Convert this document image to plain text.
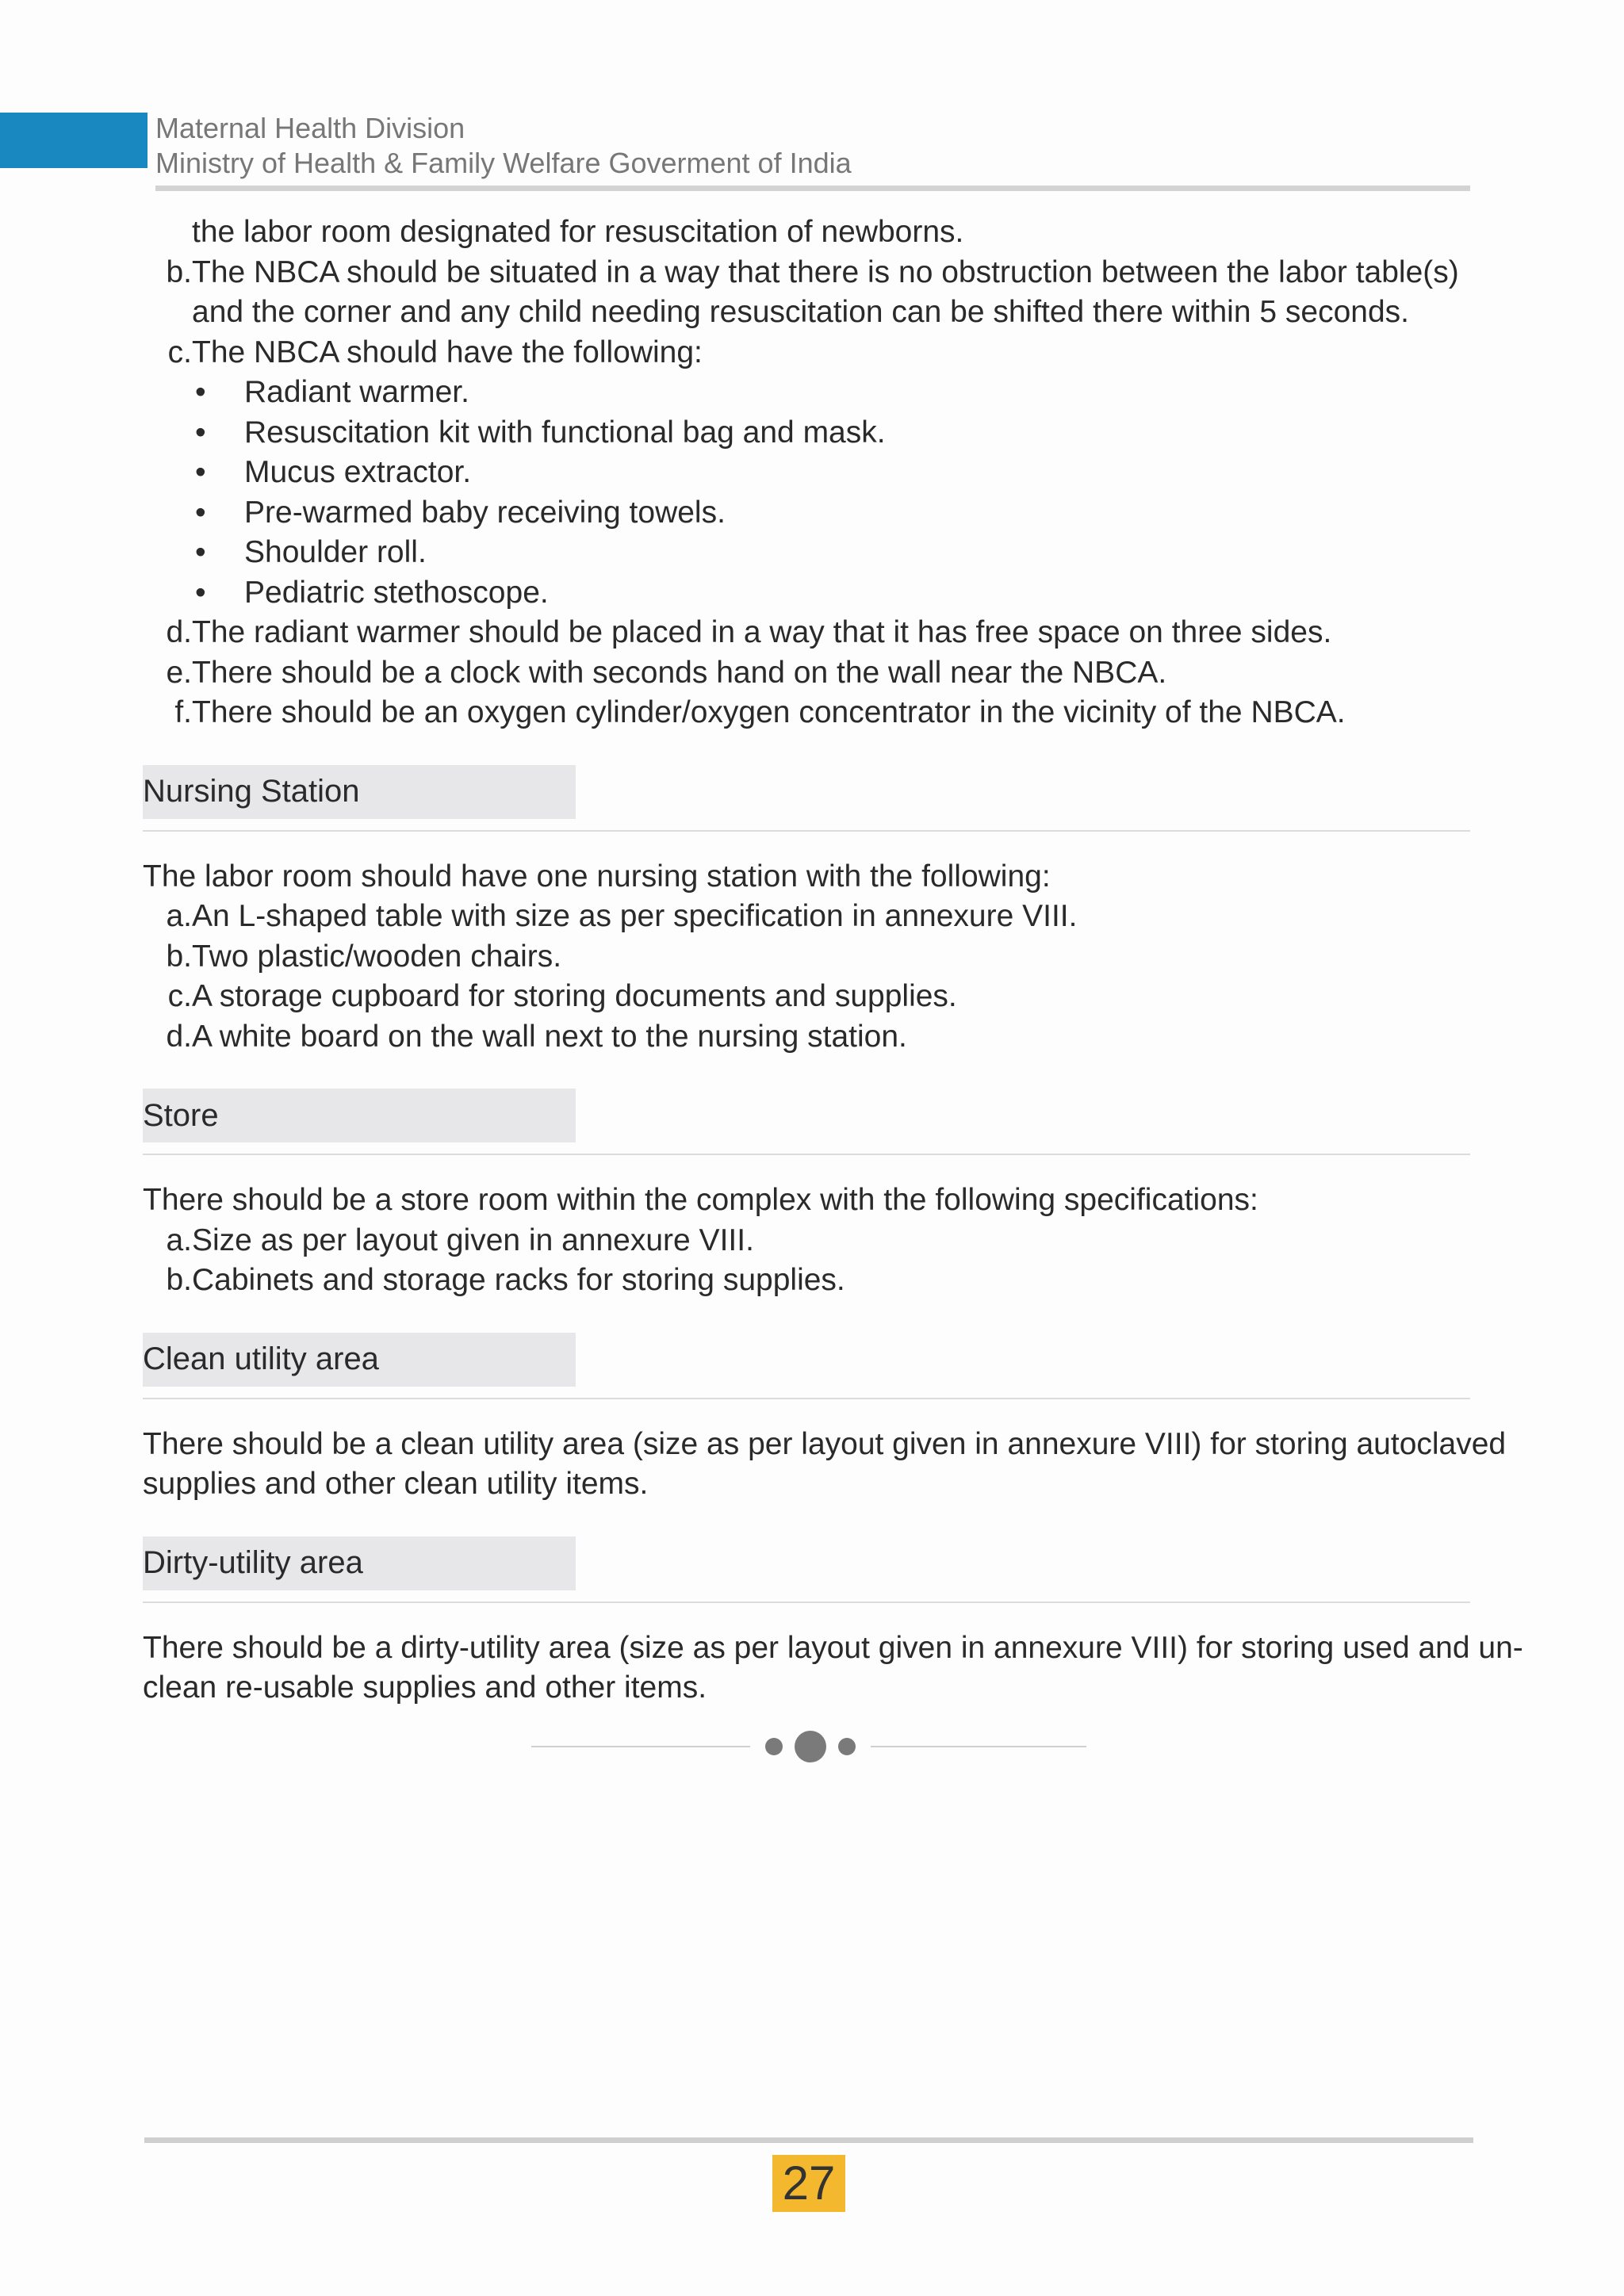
Maternal Health Division
Ministry of Health & Family Welfare Goverment of India
the labor room designated for resuscitation of newborns.
b. The NBCA should be situated in a way that there is no obstruction between the labor table(s)
and the corner and any child needing resuscitation can be shifted there within 5 seconds.
c. The NBCA should have the following:
•	Radiant warmer.
•	Resuscitation kit with functional bag and mask.
•	Mucus extractor.
•	Pre-warmed baby receiving towels.
•	Shoulder roll.
•	Pediatric stethoscope.
d. The radiant warmer should be placed in a way that it has free space on three sides.
e. There should be a clock with seconds hand on the wall near the NBCA.
f. There should be an oxygen cylinder/oxygen concentrator in the vicinity of the NBCA.
Nursing Station
The labor room should have one nursing station with the following:
a. An L-shaped table with size as per specification in annexure VIII.
b. Two plastic/wooden chairs.
c. A storage cupboard for storing documents and supplies.
d. A white board on the wall next to the nursing station.
Store
There should be a store room within the complex with the following specifications:
a. Size as per layout given in annexure VIII.
b. Cabinets and storage racks for storing supplies.
Clean utility area
There should be a clean utility area (size as per layout given in annexure VIII) for storing autoclaved
supplies and other clean utility items.
Dirty-utility area
There should be a dirty-utility area (size as per layout given in annexure VIII) for storing used and un-
clean re-usable supplies and other items.
27
